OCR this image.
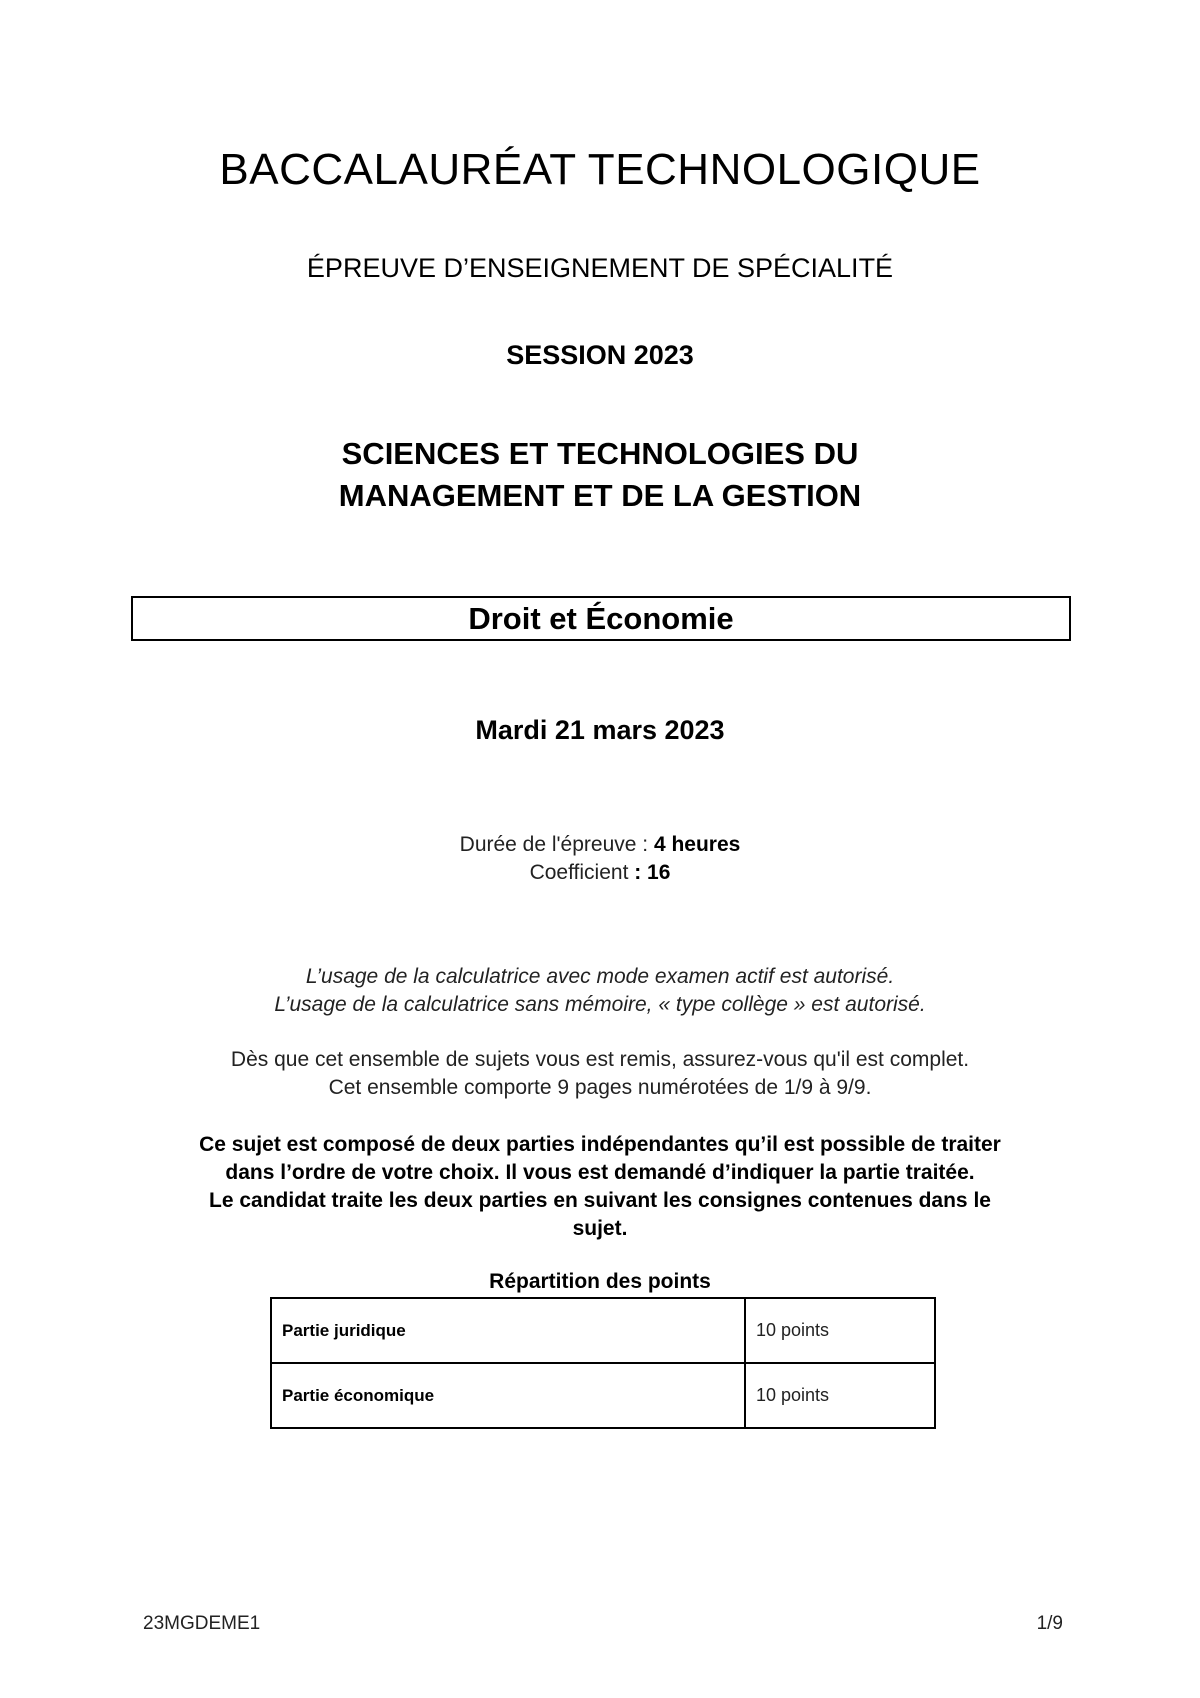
BACCALAURÉAT TECHNOLOGIQUE
ÉPREUVE D’ENSEIGNEMENT DE SPÉCIALITÉ
SESSION 2023
SCIENCES ET TECHNOLOGIES DU
MANAGEMENT ET DE LA GESTION
Droit et Économie
Mardi 21 mars 2023
Durée de l'épreuve : 4 heures
Coefficient : 16
L’usage de la calculatrice avec mode examen actif est autorisé.
L’usage de la calculatrice sans mémoire, « type collège » est autorisé.
Dès que cet ensemble de sujets vous est remis, assurez-vous qu'il est complet.
Cet ensemble comporte 9 pages numérotées de 1/9 à 9/9.
Ce sujet est composé de deux parties indépendantes qu’il est possible de traiter
dans l’ordre de votre choix. Il vous est demandé d’indiquer la partie traitée.
Le candidat traite les deux parties en suivant les consignes contenues dans le
sujet.
Répartition des points
Partie juridique	10 points
Partie économique	10 points
23MGDEME1	1/9
